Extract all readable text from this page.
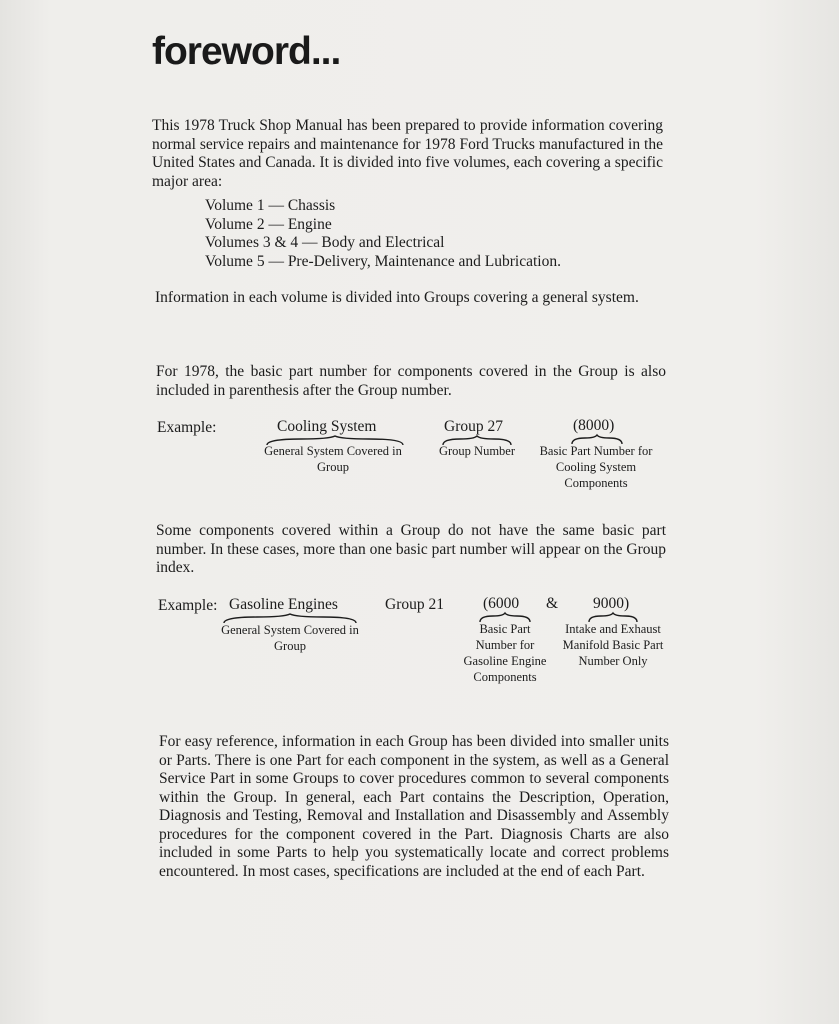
foreword...

This 1978 Truck Shop Manual has been prepared to provide information covering normal service repairs and maintenance for 1978 Ford Trucks manufactured in the United States and Canada. It is divided into five volumes, each covering a specific major area:

Volume 1 — Chassis
Volume 2 — Engine
Volumes 3 & 4 — Body and Electrical
Volume 5 — Pre-Delivery, Maintenance and Lubrication.

Information in each volume is divided into Groups covering a general system.

For 1978, the basic part number for components covered in the Group is also included in parenthesis after the Group number.

Example:	Cooling System
General System Covered in Group
Group 27
Group Number
(8000)
Basic Part Number for Cooling System Components

Some components covered within a Group do not have the same basic part number. In these cases, more than one basic part number will appear on the Group index.

Example: Gasoline Engines
General System Covered in Group
Group 21	(6000
Basic Part Number for Gasoline Engine Components
& 9000)
Intake and Exhaust Manifold Basic Part Number Only

For easy reference, information in each Group has been divided into smaller units or Parts. There is one Part for each component in the system, as well as a General Service Part in some Groups to cover procedures common to several components within the Group. In general, each Part contains the Description, Operation, Diagnosis and Testing, Removal and Installation and Disassembly and Assembly procedures for the component covered in the Part. Diagnosis Charts are also included in some Parts to help you systematically locate and correct problems encountered. In most cases, specifications are included at the end of each Part.
